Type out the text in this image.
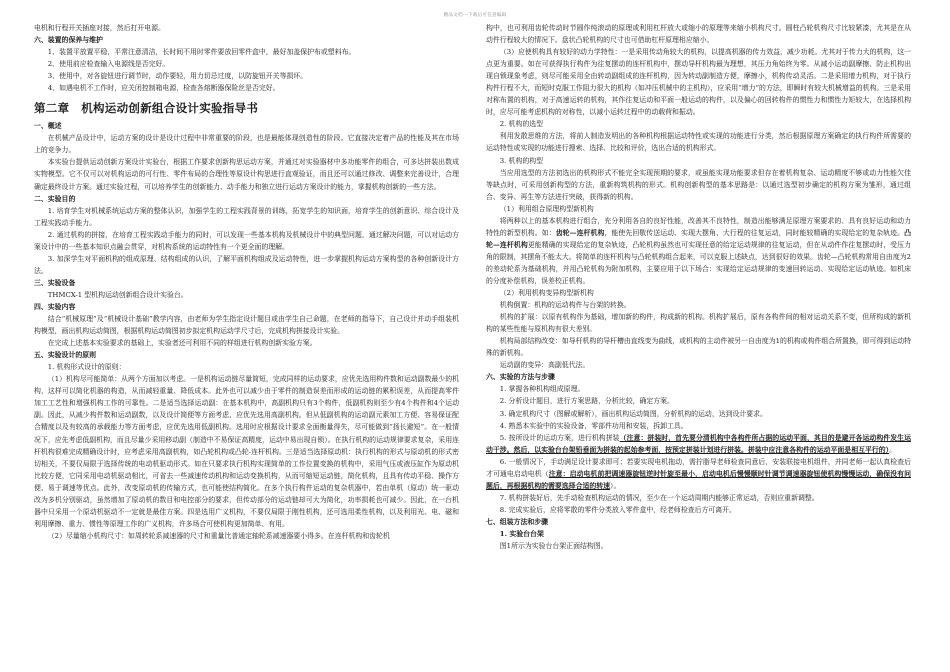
精品文档---下载后可任意编辑

电机和行程开关插座对接，然后打开电源。

六、装置的保养与维护

1、装置平放置平稳，平常注意清洁，长时间不用时零件要放回零件盒中，最好加盖保护布或塑料布。

2、使用前应检查输入电源线是否完好。

3、使用中，对各旋钮进行调节时，动作要轻，用力切忌过度，以防旋钮开关等损坏。

4、如遇电机不工作时，应关闭控制箱电源，检查各熔断器保险丝是否完好。

第二章　机构运动创新组合设计实验指导书

一、概述

在机械产品设计中，运动方案的设计是设计过程中非常重要的阶段，也是最能体现创造性的阶段。它直接决定着产品的性能及其在市场上的竞争力。

本实验台提供运动创新方案设计实验台，根据工作要求创新构思运动方案，并通过对实验器材中多功能零件的组合，可多达拼装出数成实物模型。它不仅可以对机构运动的可行性、零件布局的合理性等原设计构思进行直观验证，而且还可以通过修改、调整来完善设计，合理确定最终设计方案。通过实验过程，可以培养学生的创新能力、动手能力和独立进行运动方案设计的能力，掌握机构创新的一些方法。

二、实验目的

1. 培育学生对机械系统运动方案的整体认识，加强学生的工程实践背景的训练，拓宽学生的知识面，培育学生的创新意识、综合设计及工程实践动手能力。

2. 通过机构的拼接，在培育工程实践动手能力的同时，可以发现一些基本机构及机械设计中的典型问题，通过解决问题，可以对运动方案设计中的一些基本知识点融会贯穿，对机构系统的运动特性有一个更全面的理解。

3. 加深学生对平面机构的组成原理、结构组成的认识，了解平面机构组成及运动特性，进一步掌握机构运动方案构型的各种创新设计方法。

三、实验设备

THMCX-1 型机构运动创新组合设计实验台。

四、实验内容

结合“机械原理”及“机械设计基础”教学内容，由老师为学生指定设计题目或由学生自己命题，在老师的指导下，自己设计并动手组装机构模型，画出机构运动简图，根据机构运动简图初步拟定机构运动学尺寸后，完成机构拼接设计实验。

在完成上述基本实验要求的基础上，实验者还可利用不同的样组进行机构创新实验方案。

五、实验设计的原则

1. 机构形式设计的原则：

（1）机构尽可能简单：从两个方面加以考虑。一是机构运动链尽量简短，完成同样的运动要求，应优先选用构件数和运动副数最少的机构，这样可以简化机器的构造，从而减轻重量、降低成本。此外也可以减少由于零件的制造误差而形成的运动链的累积误差，从而提高零件加工工艺性和增强机构工作的可靠性。二是适当选择运动副：在基本机构中，高副机构只有3个构件，低副机构则至少有4个构件和4个运动副。因此，从减少构件数和运动副数，以及设计简便等方面考虑，应优先选用高副机构。但从低副机构的运动副元素加工方便、容易保证配合精度以及有较高的承载能力等方面考虑，应优先选用低副机构。选用时应根据设计要求全面衡量得失，尽可能做到“扬长避短”。在一般情况下，应先考虑低副机构，而且尽量少采用移动副（制造中不易保证高精度，运动中易出现自锁）。在执行机构的运动规律要求复杂，采用连杆机构很难完成精确设计时，应考虑采用高副机构，如凸轮机构或凸轮-连杆机构。三是适当选择原动机：执行机构的形式与原动机的形式密切相关，不要仅局限于选择传统的电动机驱动形式。如在只要求执行机构实现简单的工作位置变换的机构中，采用气压或液压缸作为原动机比较方便，它同采用电动机驱动相比，可省去一些减速传动机构和运动变换机构，从而可缩短运动链，简化机构，且具有传动平稳、操作方便、易于调速等优点。此外，改变原动机的传输方式，也可能使结构简化。在多个执行构件运动的复杂机器中，若由单机（原动）统一驱动改为多机分别驱动，虽然增加了原动机的数目和电控部分的要求，但传动部分的运动链却可大为简化，功率损耗也可减少。因此，在一台机器中只采用一个原动机驱动不一定就是最佳方案。四是选用广义机构，不要仅局限于刚性机构，还可选用柔性机构，以及利用光、电、磁和利用摩擦、重力、惯性等原理工作的广义机构，许多场合可使机构更加简单、有用。

（2）尽量缩小机构尺寸：如周转轮系减速器的尺寸和重量比普通定轴轮系减速器要小得多。在连杆机构和齿轮机

构中，也可利用齿轮传动时节圆作纯滚动的原理或利用杠杆放大或缩小的原理等来缩小机构尺寸。圆柱凸轮机构尺寸比较紧凑，尤其是在从动件行程较大的情况下。盘状凸轮机构的尺寸也可借助杠杆原理相应缩小。

（3）应使机构具有较好的动力学特性：一是采用传动角较大的机构，以提高机器的传力效益，减少功耗。尤其对于传力大的机构，这一点更为重要。如在可获得执行构件为往复摆动的连杆机构中，摆动导杆机构最为理想，其压力角始终为零。从减小运动副摩擦、防止机构出现自锁现象考虑，则尽可能采用全由转动副组成的连杆机构，因为转动副制造方便，摩擦小，机构传动灵活。二是采用增力机构，对于执行构件行程不大，而短时克服工作阻力很大的机构（如冲压机械中的主机构），应采用“增力”的方法，即瞬时有较大机械增益的机构。三是采用对称布置的机构，对于高速运转的机构，其作往复运动和平面一般运动的构件，以及偏心的回转构件的惯性力和惯性力矩较大，在选择机构时，应尽可能考虑机构的对称性，以减小运转过程中的动载荷和振动。

2. 机构的选型

利用发散思维的方法，将前人制造发明出的各种机构根据运动特性或实现的功能进行分类，然后根据原理方案确定的执行构件所需要的运动特性或实现的功能进行搜索、选择、比较和评价，选出合适的机构形式。

3. 机构的构型

当应用选型的方法初选出的机构形式不能完全实现预期的要求，或虽能实现功能要求但存在着机构复杂、运动精度不够或动力性能欠佳等缺点时，可采用创新构型的方法，重新构筑机构的形式。机构创新构型的基本思路是：以通过选型初步确定的机构方案为雏形，通过组合、变异、再生等方法进行突破，获得新的机构。

（1）利用组合原理构型新机构

将两种以上的基本机构进行组合，充分利用各自的良好性能，改善其不良特性，制造出能够满足原理方案要求的、具有良好运动和动力特性的新型机构。如：齿轮—连杆机构，能使先回敬传送运动、实现大摆角、大行程的往复运动，同时能较精确的实现给定的复杂轨迹。凸轮—连杆机构更能精确的实现给定的复杂轨迹，凸轮机构虽然也可实现任意的给定运动规律的往复运动，但在从动件作往复摆动时，受压力角的限制，其摆角不能太大。将简单的连杆机构与凸轮机构组合起来，可以克服上述缺点，达到很好的效果。齿轮—凸轮机构常用自由度为2的差动轮系为基础机构，并用凸轮机构为附加机构，主要应用于以下场合：实现给定运动规律的变速回转运动、实现给定运动轨迹。如机床的分度补偿机构，误差校正机构。

（2）利用机构变异构型新机构

机构倒置：机构的运动构件与台架的转换。

机构的扩展：以原有机构作为基础，增加新的构件，构成新的机构。机构扩展后，原有各构件间的相对运动关系不变，但所构成的新机构的某些性能与原机构有很大差别。

机构局部结构改变：如导杆机构的导杆槽由直线变为曲线，或机构的主动件被另一自由度为1的机构或构件组合所置换，即可得到运动特殊的新机构。

运动副的变异：高副低代法。

六、实验的方法与步骤

1. 掌握各种机构组成原理。

2. 分析设计题目，进行方案思路，分析比较，确定方案。

3. 确定机构尺寸（图解或解析），画出机构运动简图，分析机构的运动，达到设计要求。

4. 熟悉本实验中的实验设备，零部件功用和安装，拆卸工具。

5. 按所设计的运动方案，进行机构拼装（注意：拼装时，首先要分清机构中各构件所占据的运动平面，其目的是避开各运动构件发生运动干涉。然后，以实验台台架铅垂面为拼装的起始参考面，按预定拼装计划进行拼装。拼装中应注意各构件的运动平面是相互平行的）。

6. 一般情况下，手动满足设计要求即可；若要实现电机拖动，需拧脂导老师检查同意后，安装联接电机组件，并同老师一起认真检查后才可通电启动电机（注意：启动电机前把调速器旋钮逆时针旋至最小，启动电机后慢慢顺时针调节调速器旋钮使机构慢慢运动，确保没有问题后，再根据机构的需要选择合适的转速）。

7. 机构拼装好后，先手动检查机构运动的情况，至少在一个运动周期内能够正常运动，否则应重新调整。

8. 完成实验后，应将零散的零件分类放入零件盒中，经老师检查后方可离开。

七、组装方法和步骤

1. 实验台台架

图1所示为实验台台架正面结构图。
